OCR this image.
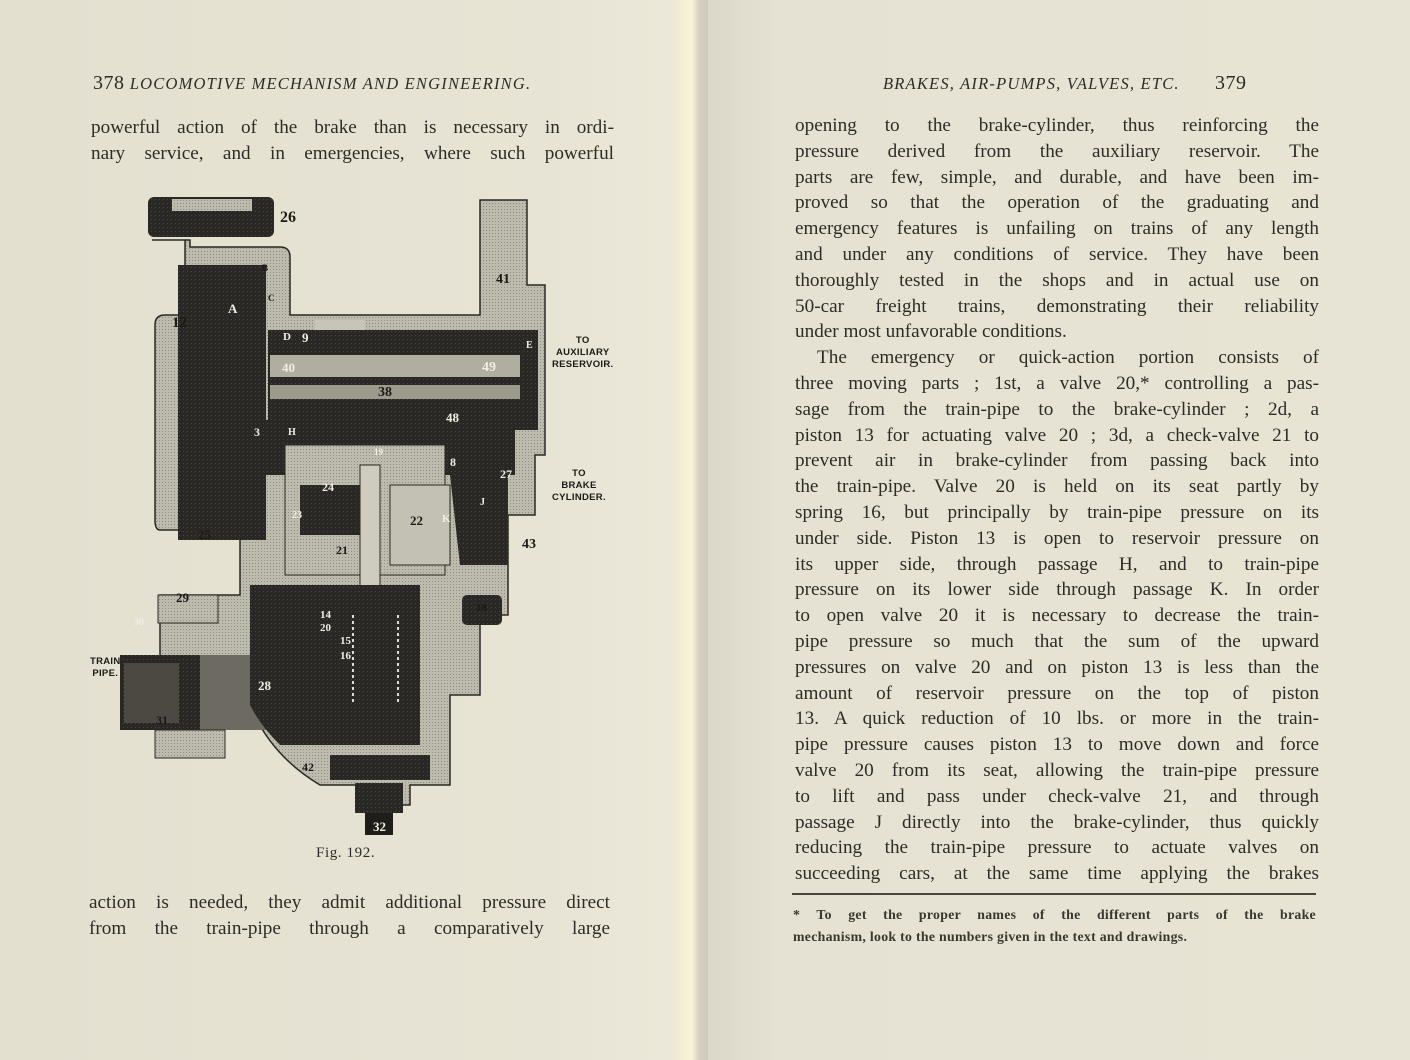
378 LOCOMOTIVE MECHANISM AND ENGINEERING.
powerful action of the brake than is necessary in ordi-
nary service, and in emergencies, where such powerful
26
12
A
B
C
D 9
40
41
E
49
38
48
3	H
19
24
23
21
22 K
J
27
43
8
25
29
30
31
28
14
20
15
16
18
42
32
TO
AUXILIARY
RESERVOIR.
TO
BRAKE
CYLINDER.
TRAIN
PIPE.
Fig. 192.
action is needed, they admit additional pressure direct
from the train-pipe through a comparatively large
BRAKES, AIR-PUMPS, VALVES, ETC. 379
opening to the brake-cylinder, thus reinforcing the
pressure derived from the auxiliary reservoir. The
parts are few, simple, and durable, and have been im-
proved so that the operation of the graduating and
emergency features is unfailing on trains of any length
and under any conditions of service. They have been
thoroughly tested in the shops and in actual use on
50-car freight trains, demonstrating their reliability
under most unfavorable conditions.
The emergency or quick-action portion consists of
three moving parts ; 1st, a valve 20,* controlling a pas-
sage from the train-pipe to the brake-cylinder ; 2d, a
piston 13 for actuating valve 20 ; 3d, a check-valve 21 to
prevent air in brake-cylinder from passing back into
the train-pipe. Valve 20 is held on its seat partly by
spring 16, but principally by train-pipe pressure on its
under side. Piston 13 is open to reservoir pressure on
its upper side, through passage H, and to train-pipe
pressure on its lower side through passage K. In order
to open valve 20 it is necessary to decrease the train-
pipe pressure so much that the sum of the upward
pressures on valve 20 and on piston 13 is less than the
amount of reservoir pressure on the top of piston
13. A quick reduction of 10 lbs. or more in the train-
pipe pressure causes piston 13 to move down and force
valve 20 from its seat, allowing the train-pipe pressure
to lift and pass under check-valve 21, and through
passage J directly into the brake-cylinder, thus quickly
reducing the train-pipe pressure to actuate valves on
succeeding cars, at the same time applying the brakes
* To get the proper names of the different parts of the brake
mechanism, look to the numbers given in the text and drawings.
